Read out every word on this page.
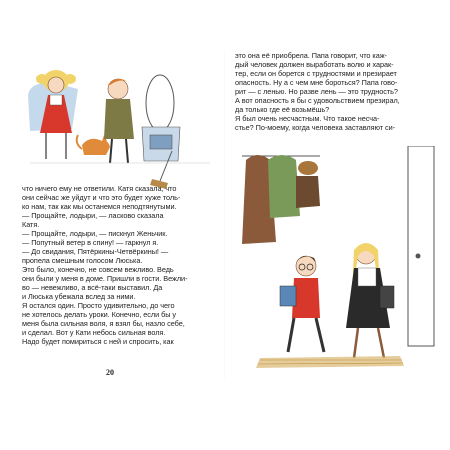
что ничего ему не ответили. Катя сказала, что
они сейчас же уйдут и что это будет хуже толь-
ко нам, так как мы останемся неподтянутыми.
— Прощайте, лодыри, — ласково сказала
Катя.
— Прощайте, лодыри, — пискнул Женьчик.
— Попутный ветер в спину! — гаркнул я.
— До свидания, Пятёркины-Четвёркины! —
пропела смешным голосом Люська.
Это было, конечно, не совсем вежливо. Ведь
они были у меня в доме. Пришли в гости. Вежли-
во — невежливо, а всё-таки выставил. Да
и Люська убежала вслед за ними.
Я остался один. Просто удивительно, до чего
не хотелось делать уроки. Конечно, если бы у
меня была сильная воля, я взял бы, назло себе,
и сделал. Вот у Кати небось сильная воля.
Надо будет помириться с ней и спросить, как
20
это она её приобрела. Папа говорит, что каж-
дый человек должен выработать волю и харак-
тер, если он борется с трудностями и презирает
опасность. Ну а с чем мне бороться? Папа гово-
рит — с ленью. Но разве лень — это трудность?
А вот опасность я бы с удовольствием презирал,
да только где её возьмёшь?
Я был очень несчастным. Что такое несча-
стье? По-моему, когда человека заставляют си-
